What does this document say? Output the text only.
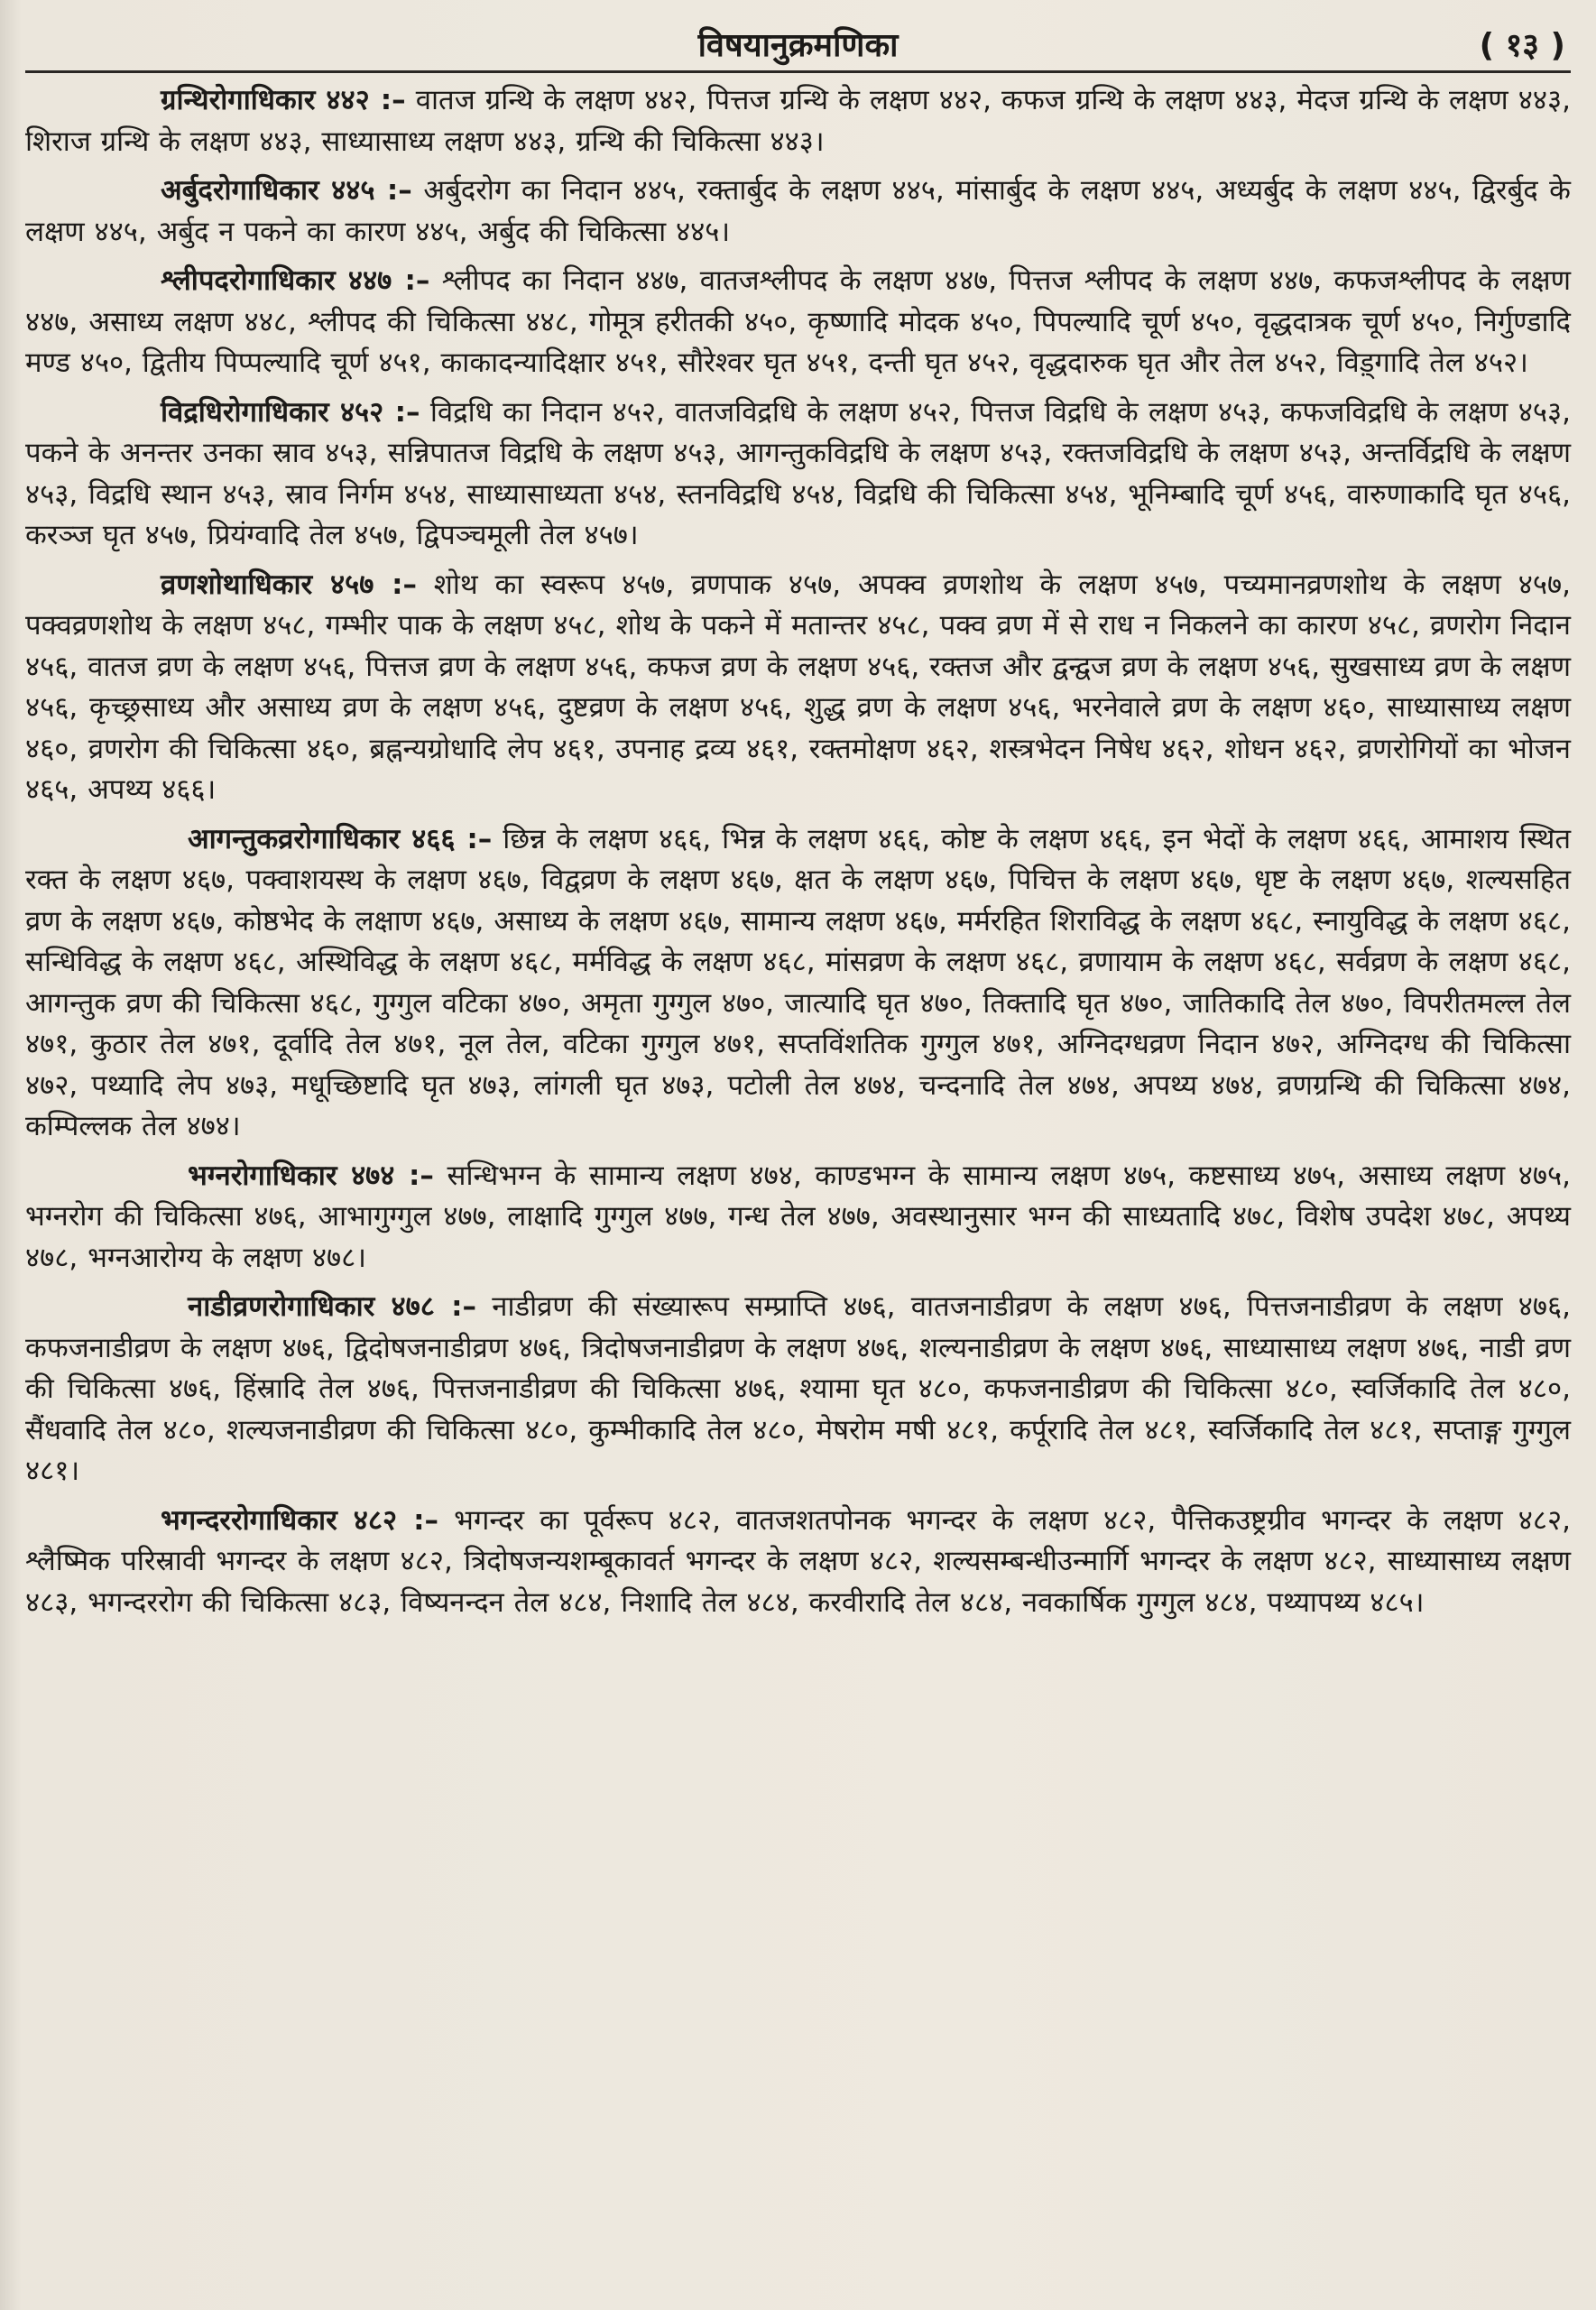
विषयानुक्रमणिका	( १३ )

ग्रन्थिरोगाधिकार ४४२ :– वातज ग्रन्थि के लक्षण ४४२, पित्तज ग्रन्थि के लक्षण ४४२, कफज ग्रन्थि के लक्षण ४४३, मेदज ग्रन्थि के लक्षण ४४३, शिराज ग्रन्थि के लक्षण ४४३, साध्यासाध्य लक्षण ४४३, ग्रन्थि की चिकित्सा ४४३।

अर्बुदरोगाधिकार ४४५ :– अर्बुदरोग का निदान ४४५, रक्तार्बुद के लक्षण ४४५, मांसार्बुद के लक्षण ४४५, अध्यर्बुद के लक्षण ४४५, द्विरर्बुद के लक्षण ४४५, अर्बुद न पकने का कारण ४४५, अर्बुद की चिकित्सा ४४५।

श्लीपदरोगाधिकार ४४७ :– श्लीपद का निदान ४४७, वातजश्लीपद के लक्षण ४४७, पित्तज श्लीपद के लक्षण ४४७, कफजश्लीपद के लक्षण ४४७, असाध्य लक्षण ४४८, श्लीपद की चिकित्सा ४४८, गोमूत्र हरीतकी ४५०, कृष्णादि मोदक ४५०, पिपल्यादि चूर्ण ४५०, वृद्धदात्रक चूर्ण ४५०, निर्गुण्डादि मण्ड ४५०, द्वितीय पिप्पल्यादि चूर्ण ४५१, काकादन्यादिक्षार ४५१, सौरेश्वर घृत ४५१, दन्ती घृत ४५२, वृद्धदारुक घृत और तेल ४५२, विड़्गादि तेल ४५२।

विद्रधिरोगाधिकार ४५२ :– विद्रधि का निदान ४५२, वातजविद्रधि के लक्षण ४५२, पित्तज विद्रधि के लक्षण ४५३, कफजविद्रधि के लक्षण ४५३, पकने के अनन्तर उनका स्राव ४५३, सन्निपातज विद्रधि के लक्षण ४५३, आगन्तुकविद्रधि के लक्षण ४५३, रक्तजविद्रधि के लक्षण ४५३, अन्तर्विद्रधि के लक्षण ४५३, विद्रधि स्थान ४५३, स्राव निर्गम ४५४, साध्यासाध्यता ४५४, स्तनविद्रधि ४५४, विद्रधि की चिकित्सा ४५४, भूनिम्बादि चूर्ण ४५६, वारुणाकादि घृत ४५६, करञ्ज घृत ४५७, प्रियंग्वादि तेल ४५७, द्विपञ्चमूली तेल ४५७।

व्रणशोथाधिकार ४५७ :– शोथ का स्वरूप ४५७, व्रणपाक ४५७, अपक्व व्रणशोथ के लक्षण ४५७, पच्यमानव्रणशोथ के लक्षण ४५७, पक्वव्रणशोथ के लक्षण ४५८, गम्भीर पाक के लक्षण ४५८, शोथ के पकने में मतान्तर ४५८, पक्व व्रण में से राध न निकलने का कारण ४५८, व्रणरोग निदान ४५६, वातज व्रण के लक्षण ४५६, पित्तज व्रण के लक्षण ४५६, कफज व्रण के लक्षण ४५६, रक्तज और द्वन्द्वज व्रण के लक्षण ४५६, सुखसाध्य व्रण के लक्षण ४५६, कृच्छ्रसाध्य और असाध्य व्रण के लक्षण ४५६, दुष्टव्रण के लक्षण ४५६, शुद्ध व्रण के लक्षण ४५६, भरनेवाले व्रण के लक्षण ४६०, साध्यासाध्य लक्षण ४६०, व्रणरोग की चिकित्सा ४६०, ब्रह्नन्यग्रोधादि लेप ४६१, उपनाह द्रव्य ४६१, रक्तमोक्षण ४६२, शस्त्रभेदन निषेध ४६२, शोधन ४६२, व्रणरोगियों का भोजन ४६५, अपथ्य ४६६।

आगन्तुकव्ररोगाधिकार ४६६ :– छिन्न के लक्षण ४६६, भिन्न के लक्षण ४६६, कोष्ट के लक्षण ४६६, इन भेदों के लक्षण ४६६, आमाशय स्थित रक्त के लक्षण ४६७, पक्वाशयस्थ के लक्षण ४६७, विद्वव्रण के लक्षण ४६७, क्षत के लक्षण ४६७, पिचित्त के लक्षण ४६७, धृष्ट के लक्षण ४६७, शल्यसहित व्रण के लक्षण ४६७, कोष्ठभेद के लक्षाण ४६७, असाध्य के लक्षण ४६७, सामान्य लक्षण ४६७, मर्मरहित शिराविद्ध के लक्षण ४६८, स्नायुविद्ध के लक्षण ४६८, सन्धिविद्ध के लक्षण ४६८, अस्थिविद्ध के लक्षण ४६८, मर्मविद्ध के लक्षण ४६८, मांसव्रण के लक्षण ४६८, व्रणायाम के लक्षण ४६८, सर्वव्रण के लक्षण ४६८, आगन्तुक व्रण की चिकित्सा ४६८, गुग्गुल वटिका ४७०, अमृता गुग्गुल ४७०, जात्यादि घृत ४७०, तिक्तादि घृत ४७०, जातिकादि तेल ४७०, विपरीतमल्ल तेल ४७१, कुठार तेल ४७१, दूर्वादि तेल ४७१, नूल तेल, वटिका गुग्गुल ४७१, सप्तविंशतिक गुग्गुल ४७१, अग्निदग्धव्रण निदान ४७२, अग्निदग्ध की चिकित्सा ४७२, पथ्यादि लेप ४७३, मधूच्छिष्टादि घृत ४७३, लांगली घृत ४७३, पटोली तेल ४७४, चन्दनादि तेल ४७४, अपथ्य ४७४, व्रणग्रन्थि की चिकित्सा ४७४, कम्पिल्लक तेल ४७४।

भग्नरोगाधिकार ४७४ :– सन्धिभग्न के सामान्य लक्षण ४७४, काण्डभग्न के सामान्य लक्षण ४७५, कष्टसाध्य ४७५, असाध्य लक्षण ४७५, भग्नरोग की चिकित्सा ४७६, आभागुग्गुल ४७७, लाक्षादि गुग्गुल ४७७, गन्ध तेल ४७७, अवस्थानुसार भग्न की साध्यतादि ४७८, विशेष उपदेश ४७८, अपथ्य ४७८, भग्नआरोग्य के लक्षण ४७८।

नाडीव्रणरोगाधिकार ४७८ :– नाडीव्रण की संख्यारूप सम्प्राप्ति ४७६, वातजनाडीव्रण के लक्षण ४७६, पित्तजनाडीव्रण के लक्षण ४७६, कफजनाडीव्रण के लक्षण ४७६, द्विदोषजनाडीव्रण ४७६, त्रिदोषजनाडीव्रण के लक्षण ४७६, शल्यनाडीव्रण के लक्षण ४७६, साध्यासाध्य लक्षण ४७६, नाडी व्रण की चिकित्सा ४७६, हिंस्रादि तेल ४७६, पित्तजनाडीव्रण की चिकित्सा ४७६, श्यामा घृत ४८०, कफजनाडीव्रण की चिकित्सा ४८०, स्वर्जिकादि तेल ४८०, सैंधवादि तेल ४८०, शल्यजनाडीव्रण की चिकित्सा ४८०, कुम्भीकादि तेल ४८०, मेषरोम मषी ४८१, कर्पूरादि तेल ४८१, स्वर्जिकादि तेल ४८१, सप्ताङ्ग गुग्गुल ४८१।

भगन्दररोगाधिकार ४८२ :– भगन्दर का पूर्वरूप ४८२, वातजशतपोनक भगन्दर के लक्षण ४८२, पैत्तिकउष्ट्रग्रीव भगन्दर के लक्षण ४८२, श्लैष्मिक परिस्रावी भगन्दर के लक्षण ४८२, त्रिदोषजन्यशम्बूकावर्त भगन्दर के लक्षण ४८२, शल्यसम्बन्धीउन्मार्गि भगन्दर के लक्षण ४८२, साध्यासाध्य लक्षण ४८३, भगन्दररोग की चिकित्सा ४८३, विष्यनन्दन तेल ४८४, निशादि तेल ४८४, करवीरादि तेल ४८४, नवकार्षिक गुग्गुल ४८४, पथ्यापथ्य ४८५।
